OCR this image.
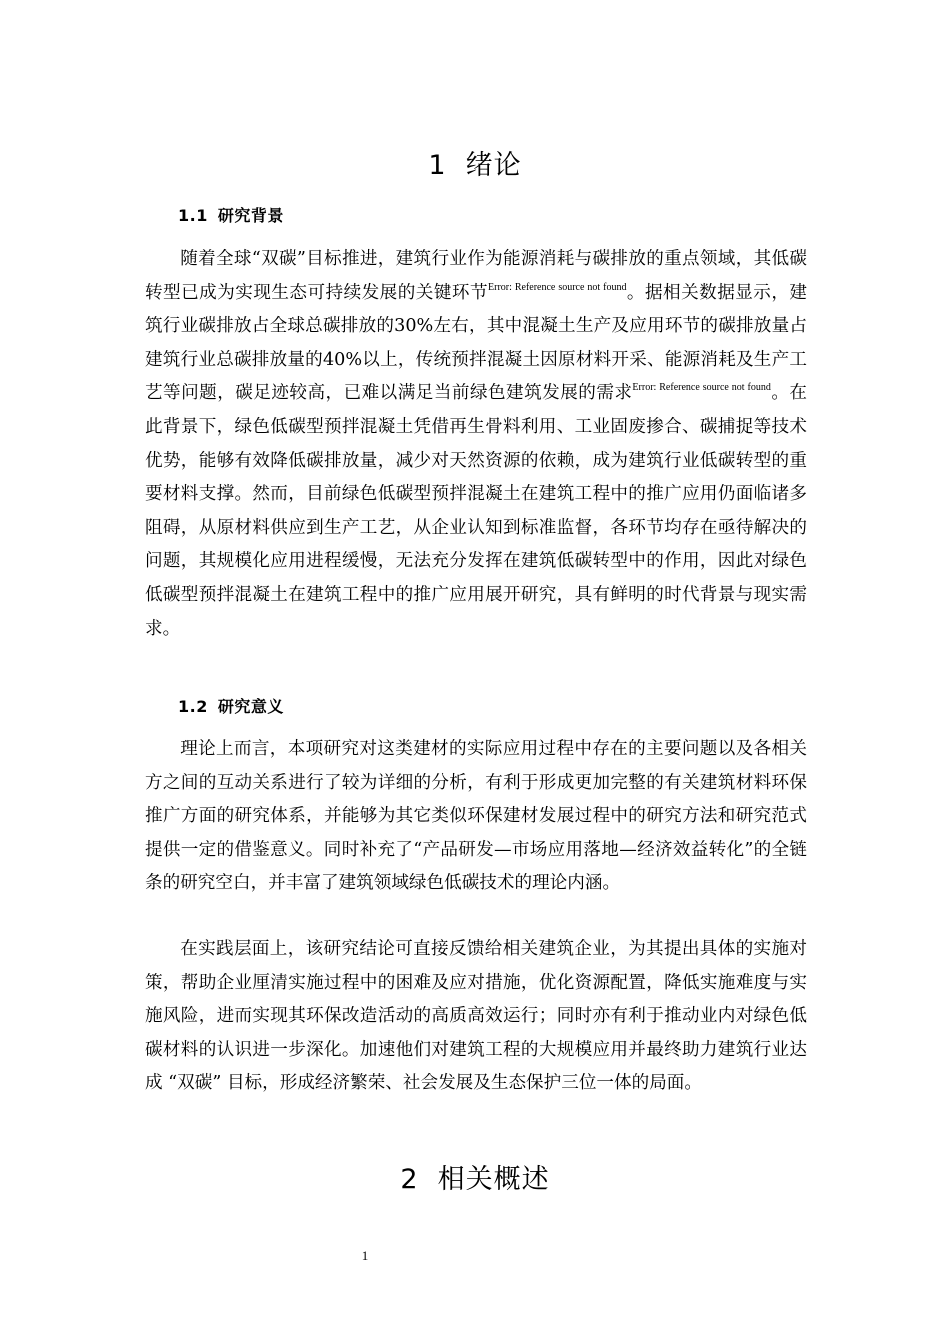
1 绪论
1.1 研究背景

随着全球“双碳”目标推进，建筑行业作为能源消耗与碳排放的重点领域，其低碳转型已成为实现生态可持续发展的关键环节$^{Error: Reference source not found}$。据相关数据显示，建筑行业碳排放占全球总碳排放的30%左右，其中混凝土生产及应用环节的碳排放量占建筑行业总碳排放量的40%以上，传统预拌混凝土因原材料开采、能源消耗及生产工艺等问题，碳足迹较高，已难以满足当前绿色建筑发展的需求$^{Error: Reference source not found}$。在此背景下，绿色低碳型预拌混凝土凭借再生骨料利用、工业固废掺合、碳捕捉等技术优势，能够有效降低碳排放量，减少对天然资源的依赖，成为建筑行业低碳转型的重要材料支撑。然而，目前绿色低碳型预拌混凝土在建筑工程中的推广应用仍面临诸多阻碍，从原材料供应到生产工艺，从企业认知到标准监督，各环节均存在亟待解决的问题，其规模化应用进程缓慢，无法充分发挥在建筑低碳转型中的作用，因此对绿色低碳型预拌混凝土在建筑工程中的推广应用展开研究，具有鲜明的时代背景与现实需求。

1.2 研究意义

理论上而言，本项研究对这类建材的实际应用过程中存在的主要问题以及各相关方之间的互动关系进行了较为详细的分析，有利于形成更加完整的有关建筑材料环保推广方面的研究体系，并能够为其它类似环保建材发展过程中的研究方法和研究范式提供一定的借鉴意义。同时补充了“产品研发—市场应用落地—经济效益转化”的全链条的研究空白，并丰富了建筑领域绿色低碳技术的理论内涵。

在实践层面上，该研究结论可直接反馈给相关建筑企业，为其提出具体的实施对策，帮助企业厘清实施过程中的困难及应对措施，优化资源配置，降低实施难度与实施风险，进而实现其环保改造活动的高质高效运行；同时亦有利于推动业内对绿色低碳材料的认识进一步深化。加速他们对建筑工程的大规模应用并最终助力建筑行业达成 “双碳” 目标，形成经济繁荣、社会发展及生态保护三位一体的局面。

2 相关概述

1
